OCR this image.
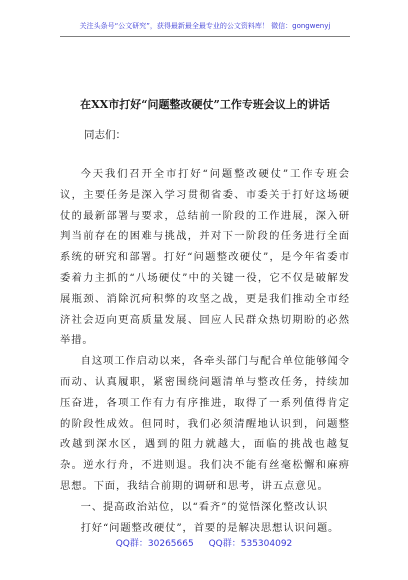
关注头条号“公文研究”，获得最新最全最专业的公文资料库！ 微信：gongwenyj
在XX市打好“问题整改硬仗”工作专班会议上的讲话
同志们：

今天我们召开全市打好“问题整改硬仗”工作专班会议，主要任务是深入学习贯彻省委、市委关于打好这场硬仗的最新部署与要求，总结前一阶段的工作进展，深入研判当前存在的困难与挑战，并对下一阶段的任务进行全面系统的研究和部署。打好“问题整改硬仗”，是今年省委市委着力主抓的“八场硬仗”中的关键一役，它不仅是破解发展瓶颈、消除沉疴积弊的攻坚之战，更是我们推动全市经济社会迈向更高质量发展、回应人民群众热切期盼的必然举措。

自这项工作启动以来，各牵头部门与配合单位能够闻令而动、认真履职，紧密围绕问题清单与整改任务，持续加压奋进，各项工作有力有序推进，取得了一系列值得肯定的阶段性成效。但同时，我们必须清醒地认识到，问题整改越到深水区，遇到的阻力就越大，面临的挑战也越复杂。逆水行舟，不进则退。我们决不能有丝毫松懈和麻痹思想。下面，我结合前期的调研和思考，讲五点意见。

一、提高政治站位，以“看齐”的觉悟深化整改认识

打好“问题整改硬仗”，首要的是解决思想认识问题。

QQ群：30265665 QQ群：535304092
